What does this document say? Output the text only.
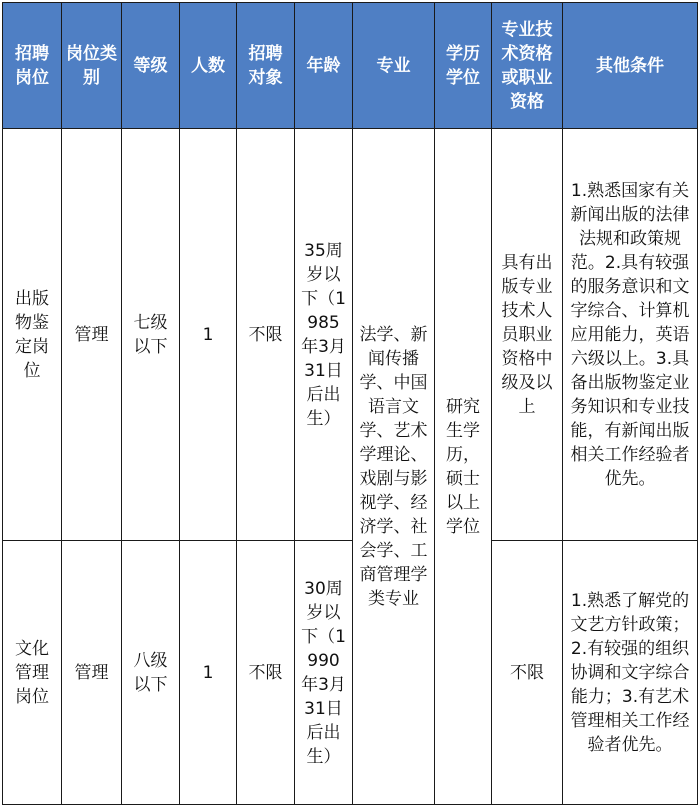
招聘岗位	岗位类别	等级	人数	招聘对象	年龄	专业	学历学位	专业技术资格或职业资格	其他条件
出版物鉴定岗位	管理	七级以下	1	不限	35周岁以下（1985年3月31日后出生）	法学、新闻传播学、中国语言文学、艺术学理论、戏剧与影视学、经济学、社会学、工商管理学类专业	研究生学历，硕士以上学位	具有出版专业技术人员职业资格中级及以上	1.熟悉国家有关新闻出版的法律法规和政策规范。2.具有较强的服务意识和文字综合、计算机应用能力，英语六级以上。3.具备出版物鉴定业务知识和专业技能，有新闻出版相关工作经验者优先。
文化管理岗位	管理	八级以下	1	不限	30周岁以下（1990年3月31日后出生）			不限	1.熟悉了解党的文艺方针政策；2.有较强的组织协调和文字综合能力；3.有艺术管理相关工作经验者优先。
